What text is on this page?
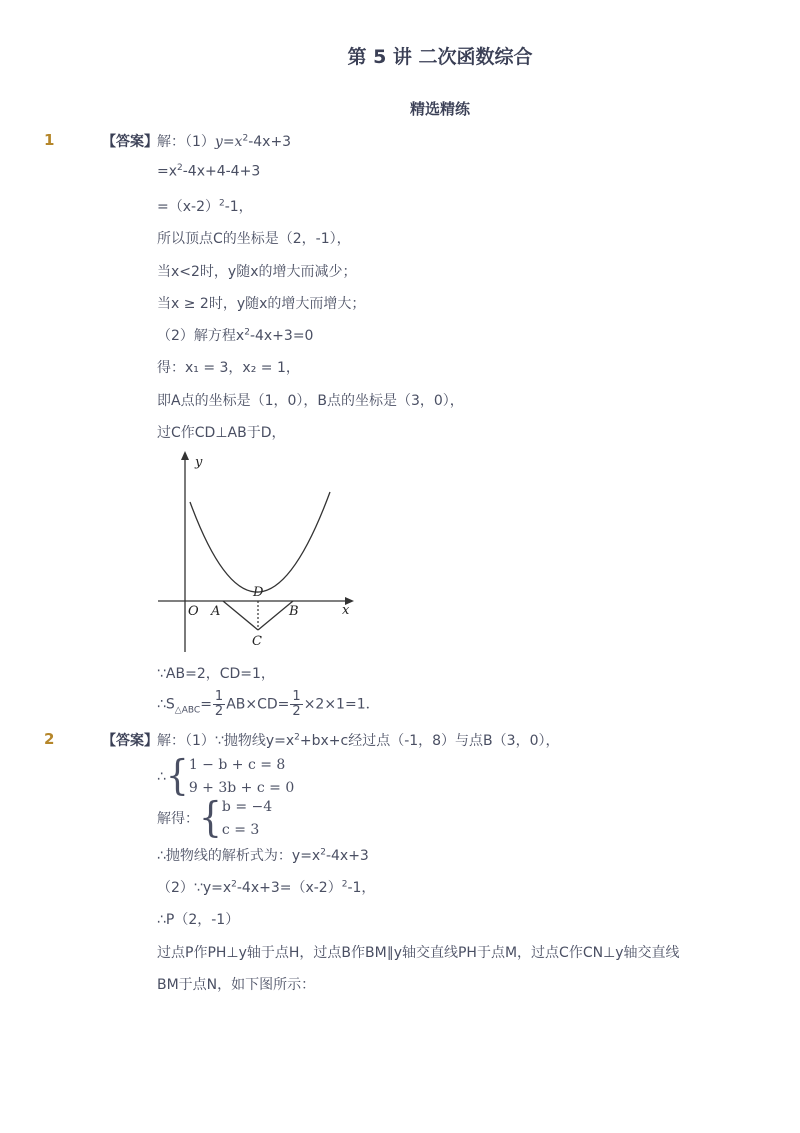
第 5 讲 二次函数综合
精选精练
1	【答案】 解：$(1)y=x^2-4x+3$
$=x^2-4x+4-4+3$
$=(x-2)^2-1$，
所以顶点C的坐标是（2，-1），
当x<2时，y随x的增大而减少；
当x ≥ 2时，y随x的增大而增大；
（2）解方程$x^2-4x+3=0$
得：x₁ = 3，x₂ = 1，
即A点的坐标是（1，0），B点的坐标是（3，0），
过C作CD⊥AB于D，
y
x
O A	B
C
D
∵AB=2，CD=1，
$\therefore S_{\triangle ABC}= \frac{1}{2} AB\times CD= \frac{1}{2} \times 2\times 1=1$．
2	【答案】 解：（1）∵抛物线$y=x^2+bx+c$经过点（-1，8）与点B（3，0），
∴{ 1 − b + c = 8
9 + 3b + c = 0
解得：{ b = −4
c = 3
∴抛物线的解析式为：$y=x^2-4x+3$
$(2)\because y=x^2-4x+3=(x-2)^2-1$，
∴P（2，-1）
过点P作PH⊥y轴于点H，过点B作BM∥y轴交直线PH于点M，过点C作CN⊥y轴交直线
BM于点N，如下图所示：
